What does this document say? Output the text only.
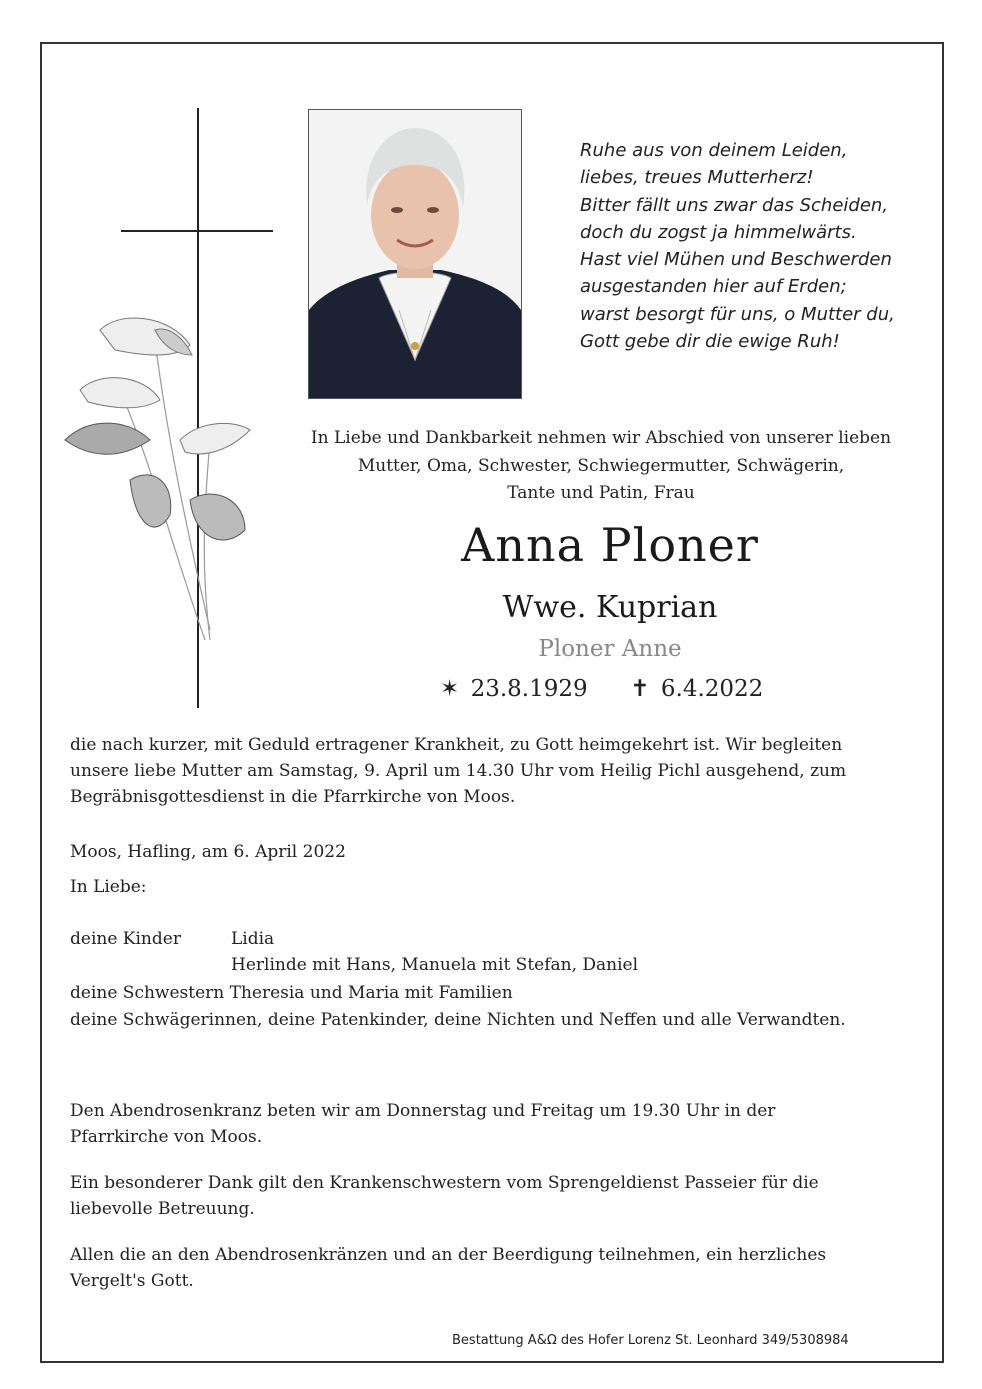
Ruhe aus von deinem Leiden,
liebes, treues Mutterherz!
Bitter fällt uns zwar das Scheiden,
doch du zogst ja himmelwärts.
Hast viel Mühen und Beschwerden
ausgestanden hier auf Erden;
warst besorgt für uns, o Mutter du,
Gott gebe dir die ewige Ruh!
In Liebe und Dankbarkeit nehmen wir Abschied von unserer lieben
Mutter, Oma, Schwester, Schwiegermutter, Schwägerin,
Tante und Patin, Frau
Anna Ploner
Wwe. Kuprian
Ploner Anne
✶ 23.8.1929 ✝ 6.4.2022
die nach kurzer, mit Geduld ertragener Krankheit, zu Gott heimgekehrt ist. Wir begleiten
unsere liebe Mutter am Samstag, 9. April um 14.30 Uhr vom Heilig Pichl ausgehend, zum
Begräbnisgottesdienst in die Pfarrkirche von Moos.
Moos, Hafling, am 6. April 2022
In Liebe:
deine Kinder	Lidia
Herlinde mit Hans, Manuela mit Stefan, Daniel
deine Schwestern Theresia und Maria mit Familien
deine Schwägerinnen, deine Patenkinder, deine Nichten und Neffen und alle Verwandten.
Den Abendrosenkranz beten wir am Donnerstag und Freitag um 19.30 Uhr in der
Pfarrkirche von Moos.
Ein besonderer Dank gilt den Krankenschwestern vom Sprengeldienst Passeier für die
liebevolle Betreuung.
Allen die an den Abendrosenkränzen und an der Beerdigung teilnehmen, ein herzliches
Vergelt's Gott.
Bestattung A&Ω des Hofer Lorenz St. Leonhard 349/5308984
